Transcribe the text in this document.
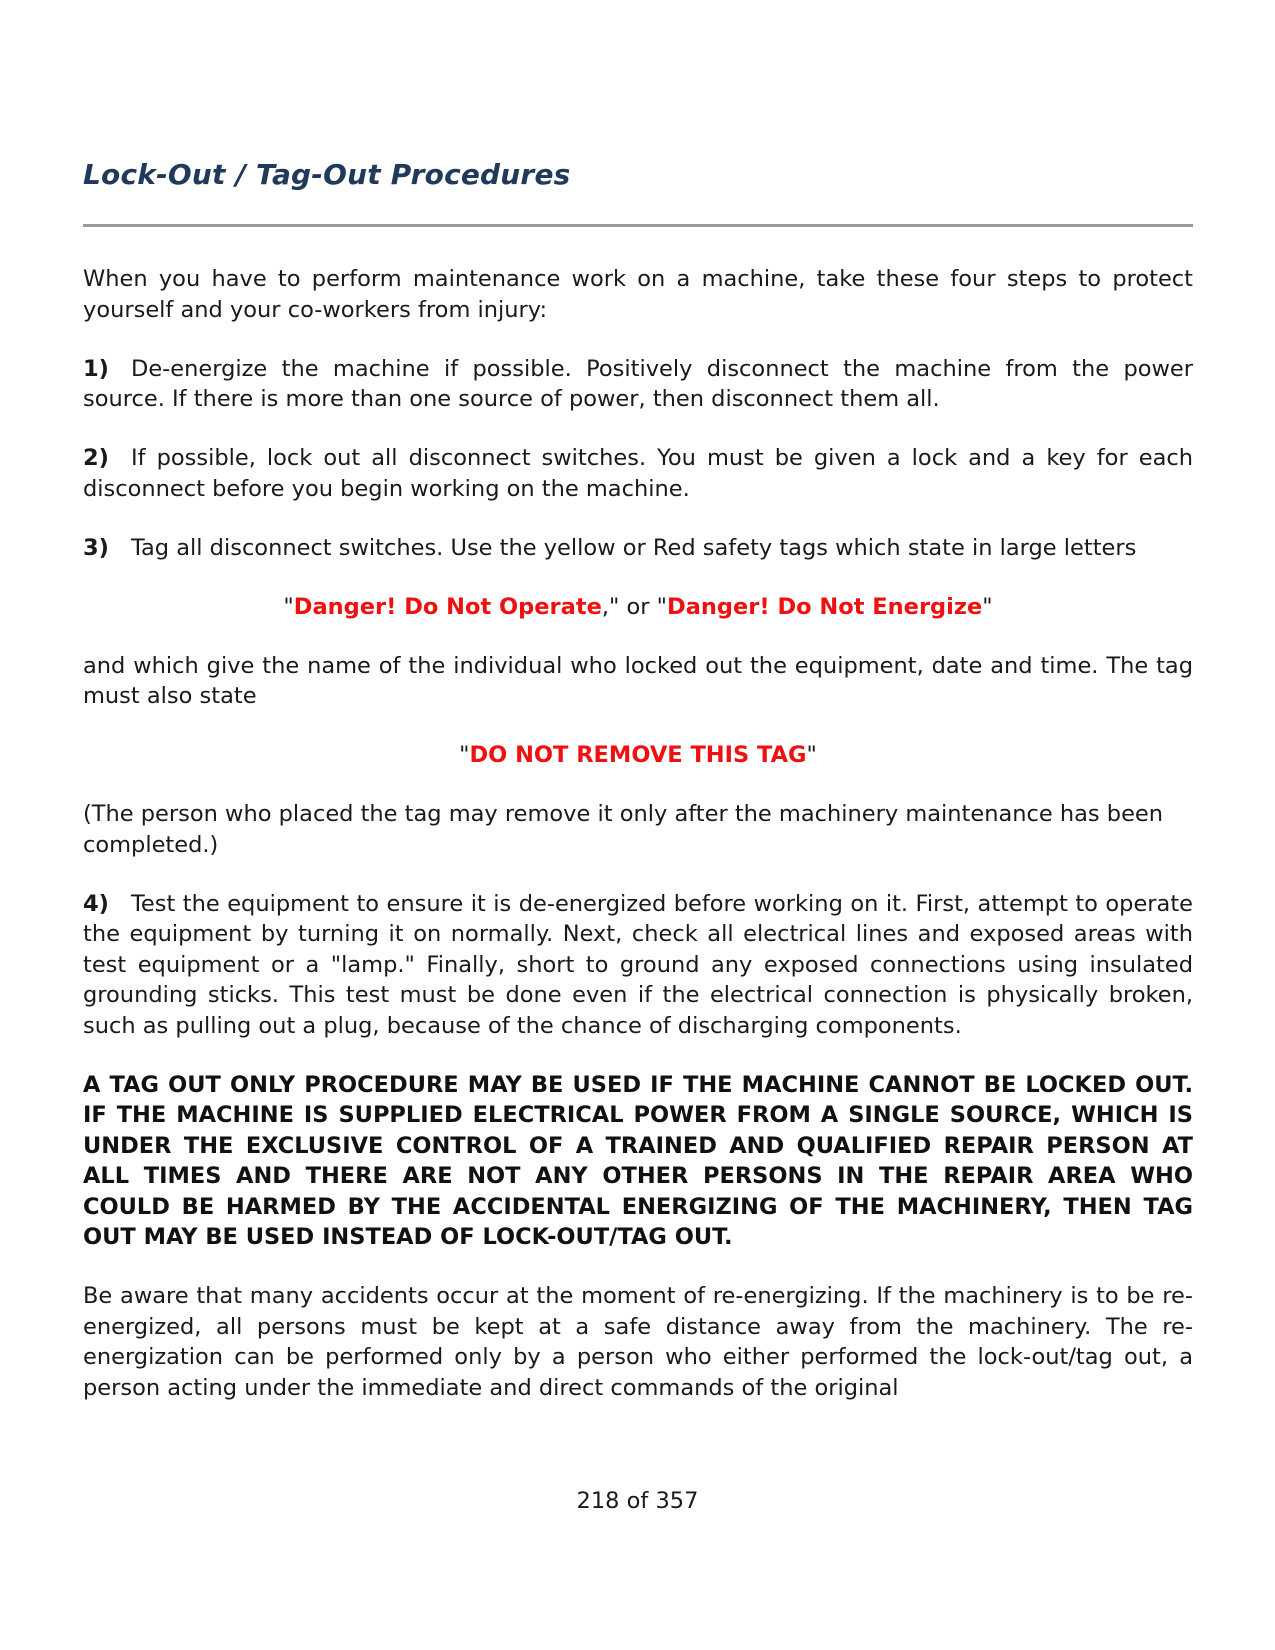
Lock-Out / Tag-Out Procedures

When you have to perform maintenance work on a machine, take these four steps to protect yourself and your co-workers from injury:

1) De-energize the machine if possible. Positively disconnect the machine from the power source. If there is more than one source of power, then disconnect them all.

2) If possible, lock out all disconnect switches. You must be given a lock and a key for each disconnect before you begin working on the machine.

3) Tag all disconnect switches. Use the yellow or Red safety tags which state in large letters

"Danger! Do Not Operate," or "Danger! Do Not Energize"

and which give the name of the individual who locked out the equipment, date and time. The tag must also state

"DO NOT REMOVE THIS TAG"

(The person who placed the tag may remove it only after the machinery maintenance has been completed.)

4) Test the equipment to ensure it is de-energized before working on it. First, attempt to operate the equipment by turning it on normally. Next, check all electrical lines and exposed areas with test equipment or a "lamp." Finally, short to ground any exposed connections using insulated grounding sticks. This test must be done even if the electrical connection is physically broken, such as pulling out a plug, because of the chance of discharging components.

A TAG OUT ONLY PROCEDURE MAY BE USED IF THE MACHINE CANNOT BE LOCKED OUT. IF THE MACHINE IS SUPPLIED ELECTRICAL POWER FROM A SINGLE SOURCE, WHICH IS UNDER THE EXCLUSIVE CONTROL OF A TRAINED AND QUALIFIED REPAIR PERSON AT ALL TIMES AND THERE ARE NOT ANY OTHER PERSONS IN THE REPAIR AREA WHO COULD BE HARMED BY THE ACCIDENTAL ENERGIZING OF THE MACHINERY, THEN TAG OUT MAY BE USED INSTEAD OF LOCK-OUT/TAG OUT.

Be aware that many accidents occur at the moment of re-energizing. If the machinery is to be re-energized, all persons must be kept at a safe distance away from the machinery. The re-energization can be performed only by a person who either performed the lock-out/tag out, a person acting under the immediate and direct commands of the original

218 of 357
